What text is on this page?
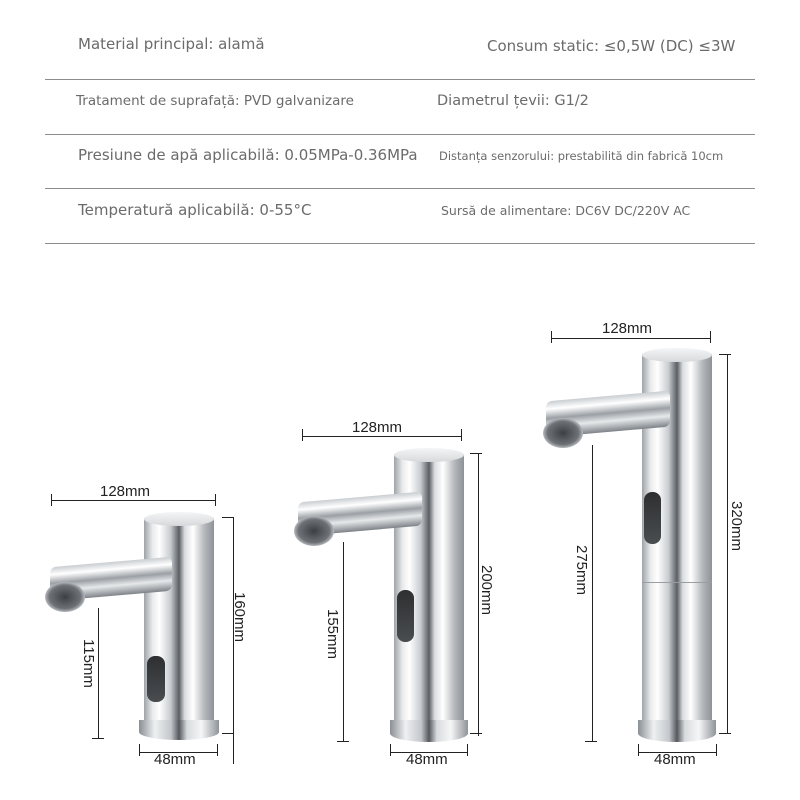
Material principal: alamă	Consum static: ≤0,5W (DC) ≤3W
Tratament de suprafață: PVD galvanizare	Diametrul țevii: G1/2
Presiune de apă aplicabilă: 0.05MPa-0.36MPa Distanța senzorului: prestabilită din fabrică 10cm
Temperatură aplicabilă: 0-55°C	Sursă de alimentare: DC6V DC/220V AC
128mm
160mm
115mm
48mm
128mm
200mm
155mm
48mm
128mm
320mm
275mm
48mm
